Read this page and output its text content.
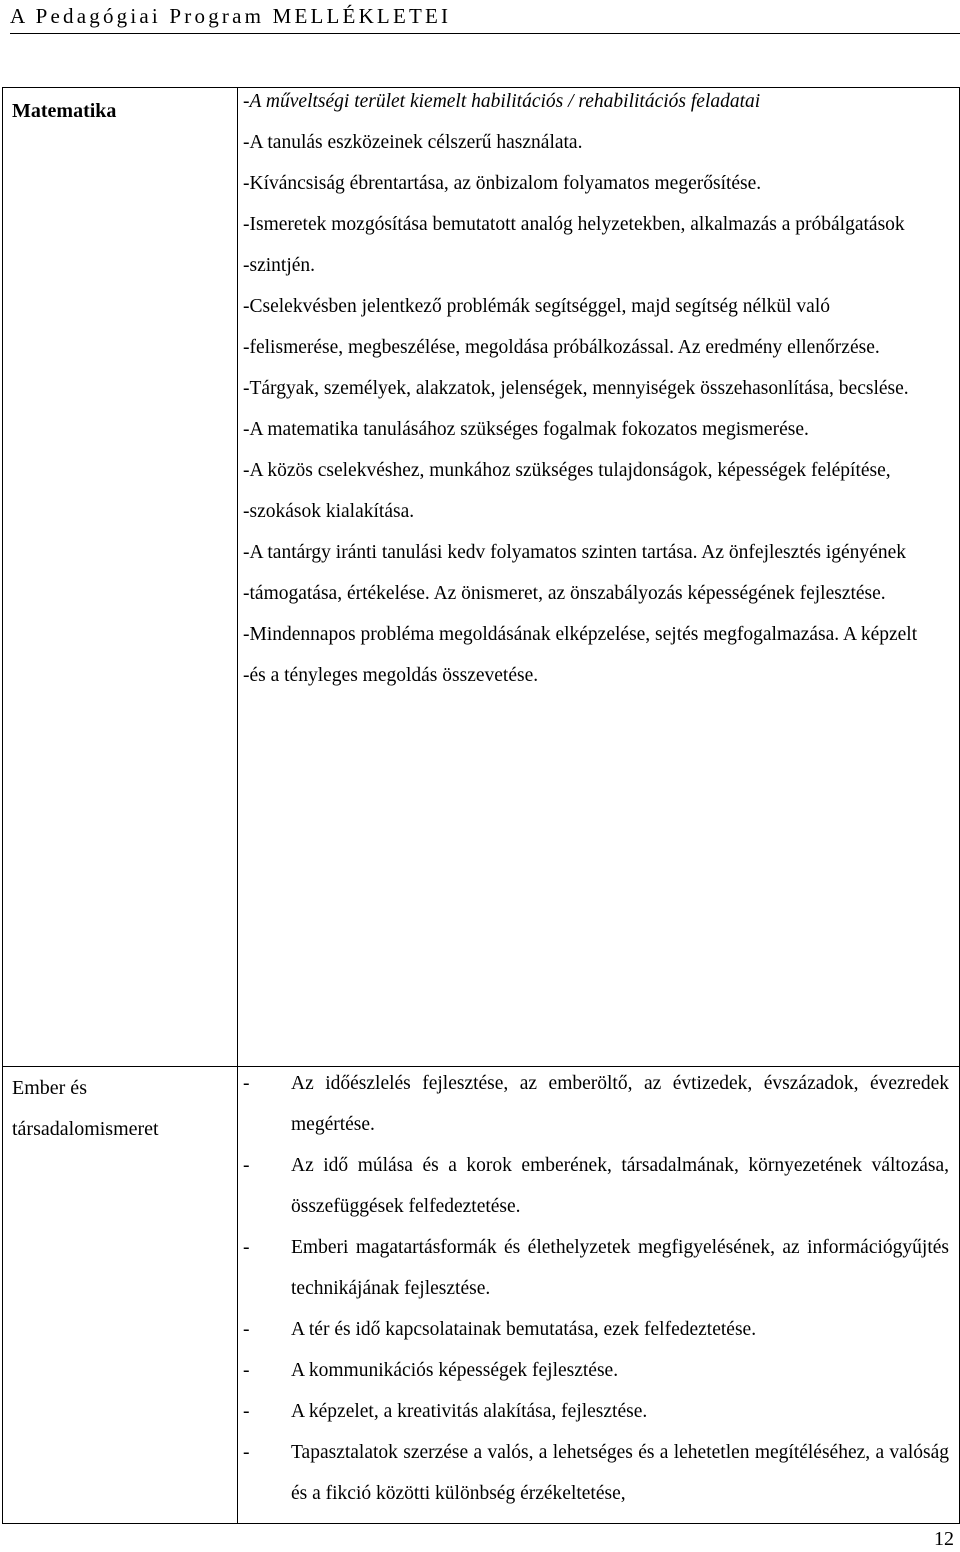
A Pedagógiai Program MELLÉKLETEI
Matematika	-A műveltségi terület kiemelt habilitációs / rehabilitációs feladatai
-A tanulás eszközeinek célszerű használata.
-Kíváncsiság ébrentartása, az önbizalom folyamatos megerősítése.
-Ismeretek mozgósítása bemutatott analóg helyzetekben, alkalmazás a próbálgatások
-szintjén.
-Cselekvésben jelentkező problémák segítséggel, majd segítség nélkül való
-felismerése, megbeszélése, megoldása próbálkozással. Az eredmény ellenőrzése.
-Tárgyak, személyek, alakzatok, jelenségek, mennyiségek összehasonlítása, becslése.
-A matematika tanulásához szükséges fogalmak fokozatos megismerése.
-A közös cselekvéshez, munkához szükséges tulajdonságok, képességek felépítése,
-szokások kialakítása.
-A tantárgy iránti tanulási kedv folyamatos szinten tartása. Az önfejlesztés igényének
-támogatása, értékelése. Az önismeret, az önszabályozás képességének fejlesztése.
-Mindennapos probléma megoldásának elképzelése, sejtés megfogalmazása. A képzelt
-és a tényleges megoldás összevetése.
Ember és társadalomismeret
- Az időészlelés fejlesztése, az emberöltő, az évtizedek, évszázadok, évezredek megértése.
- Az idő múlása és a korok emberének, társadalmának, környezetének változása, összefüggések felfedeztetése.
- Emberi magatartásformák és élethelyzetek megfigyelésének, az információgyűjtés technikájának fejlesztése.
- A tér és idő kapcsolatainak bemutatása, ezek felfedeztetése.
- A kommunikációs képességek fejlesztése.
- A képzelet, a kreativitás alakítása, fejlesztése.
- Tapasztalatok szerzése a valós, a lehetséges és a lehetetlen megítéléséhez, a valóság és a fikció közötti különbség érzékeltetése,
12
